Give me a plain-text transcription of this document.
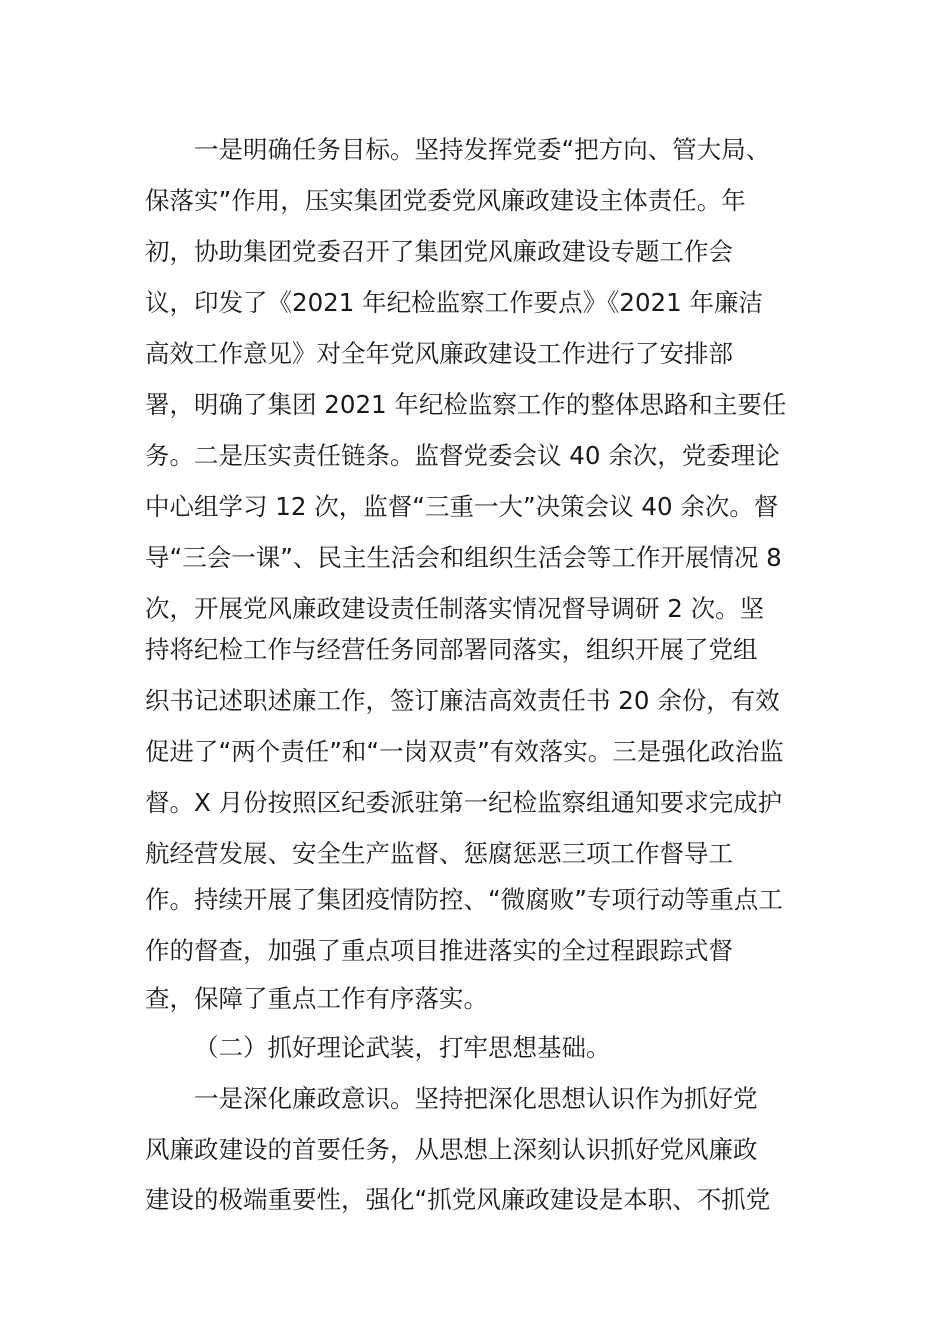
一是明确任务目标。坚持发挥党委“把方向、管大局、
保落实”作用，压实集团党委党风廉政建设主体责任。年
初，协助集团党委召开了集团党风廉政建设专题工作会
议，印发了《2021 年纪检监察工作要点》《2021 年廉洁
高效工作意见》对全年党风廉政建设工作进行了安排部
署，明确了集团 2021 年纪检监察工作的整体思路和主要任
务。二是压实责任链条。监督党委会议 40 余次，党委理论
中心组学习 12 次，监督“三重一大”决策会议 40 余次。督
导“三会一课”、民主生活会和组织生活会等工作开展情况 8
次，开展党风廉政建设责任制落实情况督导调研 2 次。坚
持将纪检工作与经营任务同部署同落实，组织开展了党组
织书记述职述廉工作，签订廉洁高效责任书 20 余份，有效
促进了“两个责任”和“一岗双责”有效落实。三是强化政治监
督。X 月份按照区纪委派驻第一纪检监察组通知要求完成护
航经营发展、安全生产监督、惩腐惩恶三项工作督导工
作。持续开展了集团疫情防控、“微腐败”专项行动等重点工
作的督查，加强了重点项目推进落实的全过程跟踪式督
查，保障了重点工作有序落实。
（二）抓好理论武装，打牢思想基础。
一是深化廉政意识。坚持把深化思想认识作为抓好党
风廉政建设的首要任务，从思想上深刻认识抓好党风廉政
建设的极端重要性，强化“抓党风廉政建设是本职、不抓党
